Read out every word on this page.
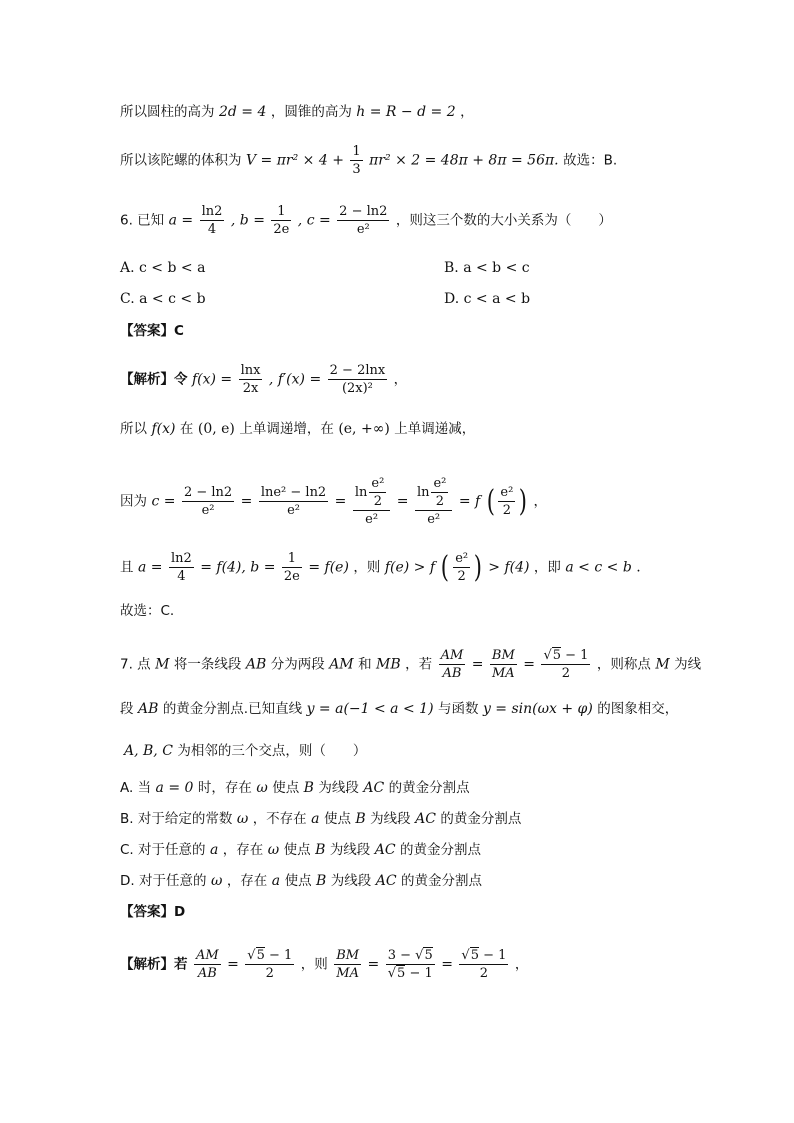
所以圆柱的高为 2d = 4 ，圆锥的高为 h = R − d = 2 ，
所以该陀螺的体积为 $V = \pi r^2 \times 4 + \frac{1}{3} \pi r^2 \times 2 = 48\pi + 8\pi = 56\pi$. 故选：B.
6. 已知 $a = \frac{\ln 2}{4}$ , $b = \frac{1}{2e}$ , $c = \frac{2 - \ln 2}{\text{e²}}$ ，则这三个数的大小关系为（　　）
A. c < b < a	B. a < b < c
C. a < c < b	D. c < a < b
【答案】C
【解析】令 $f(x) = \frac{\ln x}{2x}$ , $f'(x) = \frac{2 - 2\ln x}{\text{(2x)²}}$ ，
所以 f(x) 在 (0, e) 上单调递增，在 (e, +∞) 上单调递减，
因为 $c = \frac{2 - \ln 2}{\text{e²}} = \frac{\text{lne² − ln2}}{\text{e²}} = \frac{\ln \frac{\text{e²}}{2}}{\text{e²}} = \frac{\ln \frac{\text{e²}}{2}}{\text{e²}} = f$ ( $\frac{\text{e²}}{2}$ ) ，
且 $a = \frac{\ln 2}{4} = f(4)$, $b = \frac{1}{2e} = f(e)$ ，则 f(e) > f ( $\frac{\text{e²}}{2}$ ) > f(4) ，即 a < c < b .
故选：C.
7. 点 M 将一条线段 AB 分为两段 AM 和 MB ，若 $\frac{AM}{AB} = \frac{BM}{MA} = \frac{√5 - 1}{2}$ ，则称点 M 为线
段 AB 的黄金分割点.已知直线 y = a(−1 < a < 1) 与函数 y = sin(ωx + φ) 的图象相交，
A, B, C 为相邻的三个交点，则（　　）
A. 当 a = 0 时，存在 ω 使点 B 为线段 AC 的黄金分割点
B. 对于给定的常数 ω ，不存在 a 使点 B 为线段 AC 的黄金分割点
C. 对于任意的 a ，存在 ω 使点 B 为线段 AC 的黄金分割点
D. 对于任意的 ω ，存在 a 使点 B 为线段 AC 的黄金分割点
【答案】D
【解析】若 $\frac{AM}{AB} = \frac{√5 - 1}{2}$ ，则 $\frac{BM}{MA} = \frac{3 - √5}{√5 - 1} = \frac{√5 - 1}{2}$ ，
